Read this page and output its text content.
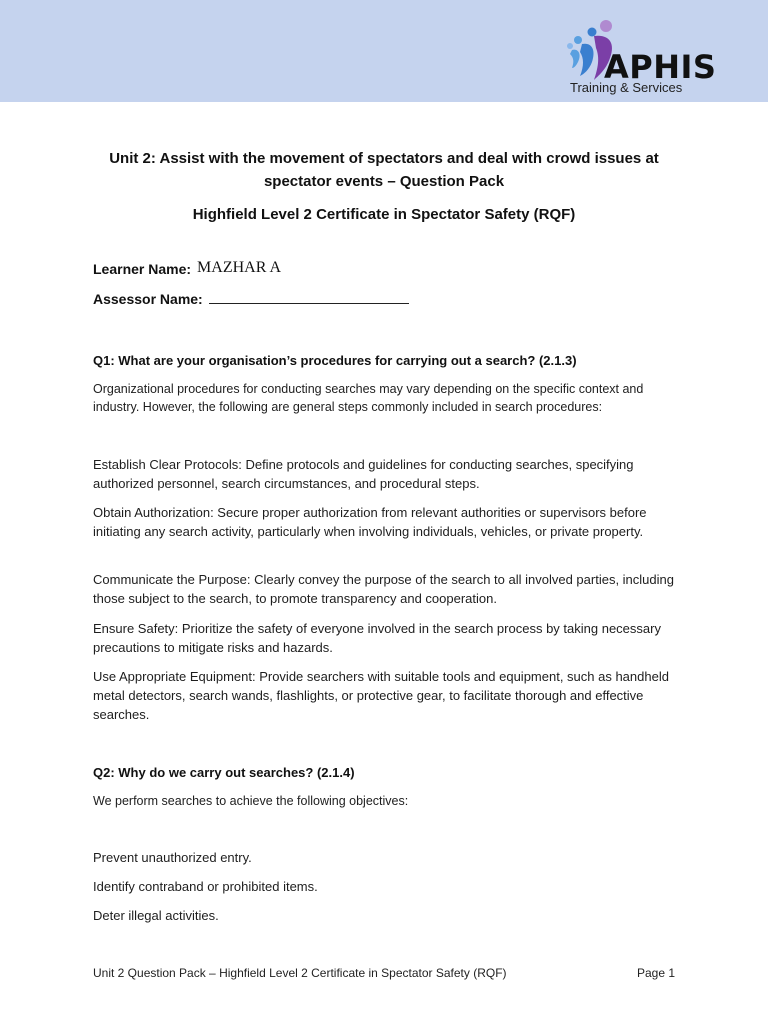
APHIS
Training & Services
Unit 2: Assist with the movement of spectators and deal with crowd issues at
spectator events – Question Pack
Highfield Level 2 Certificate in Spectator Safety (RQF)
Learner Name: MAZHAR A
Assessor Name:
Q1: What are your organisation’s procedures for carrying out a search? (2.1.3)
Organizational procedures for conducting searches may vary depending on the specific context and industry. However, the following are general steps commonly included in search procedures:
Establish Clear Protocols: Define protocols and guidelines for conducting searches, specifying authorized personnel, search circumstances, and procedural steps.
Obtain Authorization: Secure proper authorization from relevant authorities or supervisors before initiating any search activity, particularly when involving individuals, vehicles, or private property.
Communicate the Purpose: Clearly convey the purpose of the search to all involved parties, including those subject to the search, to promote transparency and cooperation.
Ensure Safety: Prioritize the safety of everyone involved in the search process by taking necessary precautions to mitigate risks and hazards.
Use Appropriate Equipment: Provide searchers with suitable tools and equipment, such as handheld metal detectors, search wands, flashlights, or protective gear, to facilitate thorough and effective searches.
Q2: Why do we carry out searches? (2.1.4)
We perform searches to achieve the following objectives:
Prevent unauthorized entry.
Identify contraband or prohibited items.
Deter illegal activities.
Unit 2 Question Pack – Highfield Level 2 Certificate in Spectator Safety (RQF)	Page 1
